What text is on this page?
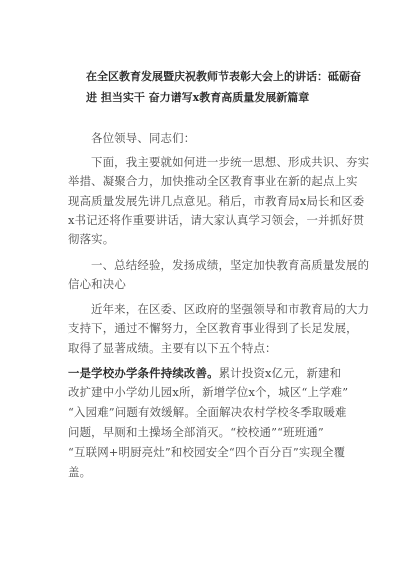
在全区教育发展暨庆祝教师节表彰大会上的讲话：砥砺奋
进 担当实干 奋力谱写x教育高质量发展新篇章
各位领导、同志们：
下面，我主要就如何进一步统一思想、形成共识、夯实
举措、凝聚合力，加快推动全区教育事业在新的起点上实
现高质量发展先讲几点意见。稍后，市教育局x局长和区委
x书记还将作重要讲话，请大家认真学习领会，一并抓好贯
彻落实。
一、总结经验，发扬成绩，坚定加快教育高质量发展的
信心和决心
近年来，在区委、区政府的坚强领导和市教育局的大力
支持下，通过不懈努力，全区教育事业得到了长足发展，
取得了显著成绩。主要有以下五个特点：
一是学校办学条件持续改善。累计投资x亿元，新建和
改扩建中小学幼儿园x所，新增学位x个，城区“上学难”
“入园难”问题有效缓解。全面解决农村学校冬季取暖难
问题，早厕和土操场全部消灭。“校校通”“班班通”
“互联网+明厨亮灶”和校园安全“四个百分百”实现全覆
盖。
